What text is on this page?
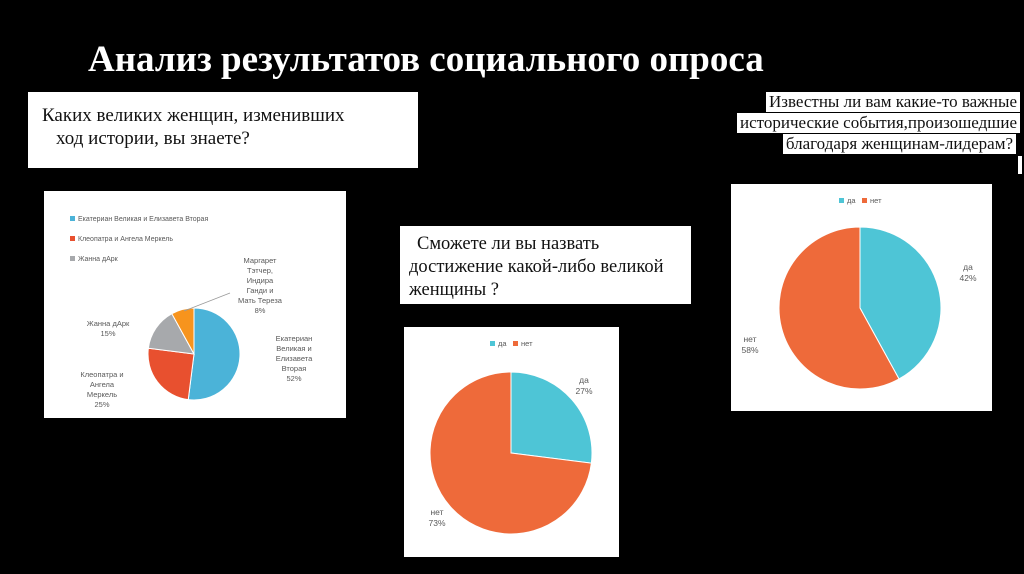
Анализ результатов социального опроса
Каких великих женщин, изменивших
ход истории, вы знаете?
Сможете ли вы назвать
достижение какой-либо великой
женщины ?
Известны ли вам какие-то важные
исторические события,произошедшие
благодаря женщинам-лидерам?
Екатериан
Великая и
Елизавета
Вторая
52%
Клеопатра и
Ангела
Меркель
25%
Жанна дАрк
15%
Маргарет
Тэтчер,
Индира
Ганди и
Мать Тереза
8%
Екатериан Великая и Елизавета Вторая
Клеопатра и Ангела Меркель
Жанна дАрк
да
27%
нет
73%
да нет
да
42%
нет
58%
да нет
